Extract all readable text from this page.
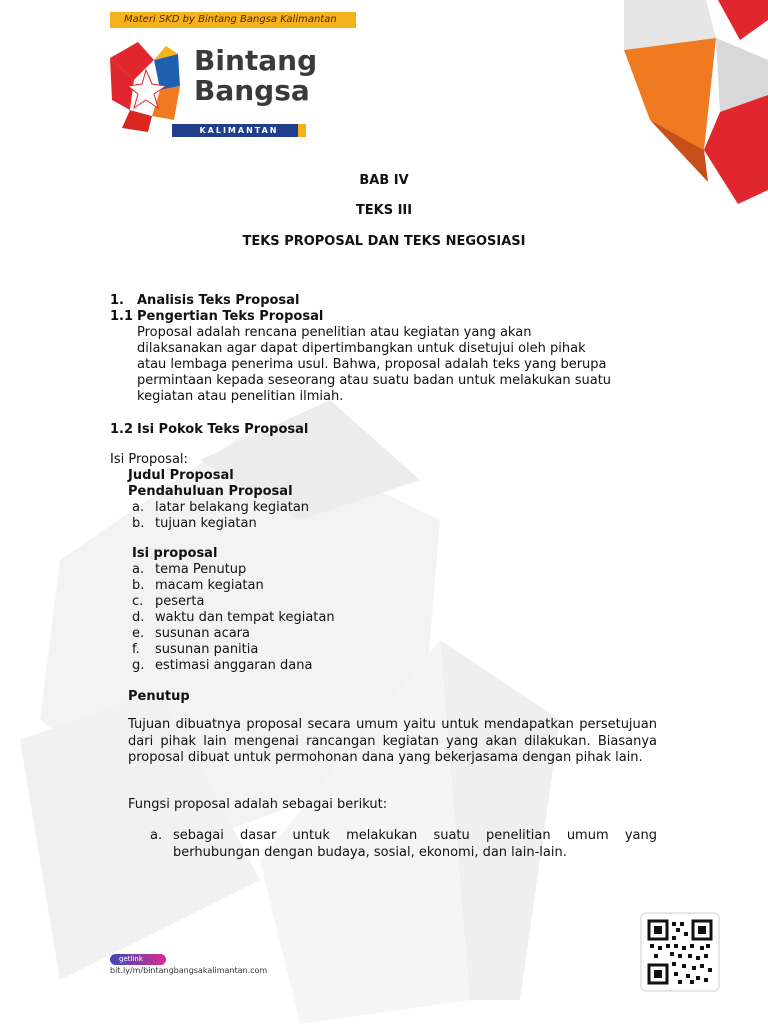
Materi SKD by Bintang Bangsa Kalimantan
Bintang
Bangsa
KALIMANTAN
BAB IV
TEKS III
TEKS PROPOSAL DAN TEKS NEGOSIASI
1. Analisis Teks Proposal
1.1 Pengertian Teks Proposal
Proposal adalah rencana penelitian atau kegiatan yang akan
dilaksanakan agar dapat dipertimbangkan untuk disetujui oleh pihak
atau lembaga penerima usul. Bahwa, proposal adalah teks yang berupa
permintaan kepada seseorang atau suatu badan untuk melakukan suatu
kegiatan atau penelitian ilmiah.
1.2 Isi Pokok Teks Proposal
Isi Proposal:
Judul Proposal
Pendahuluan Proposal
a. latar belakang kegiatan
b. tujuan kegiatan
Isi proposal
a. tema Penutup
b. macam kegiatan
c. peserta
d. waktu dan tempat kegiatan
e. susunan acara
f. susunan panitia
g. estimasi anggaran dana
Penutup
Tujuan dibuatnya proposal secara umum yaitu untuk mendapatkan persetujuan dari pihak lain mengenai rancangan kegiatan yang akan dilakukan. Biasanya proposal dibuat untuk permohonan dana yang bekerjasama dengan pihak lain.
Fungsi proposal adalah sebagai berikut:
a. sebagai dasar untuk melakukan suatu penelitian umum yang berhubungan dengan budaya, sosial, ekonomi, dan lain-lain.
getlink
bit.ly/m/bintangbangsakalimantan.com
